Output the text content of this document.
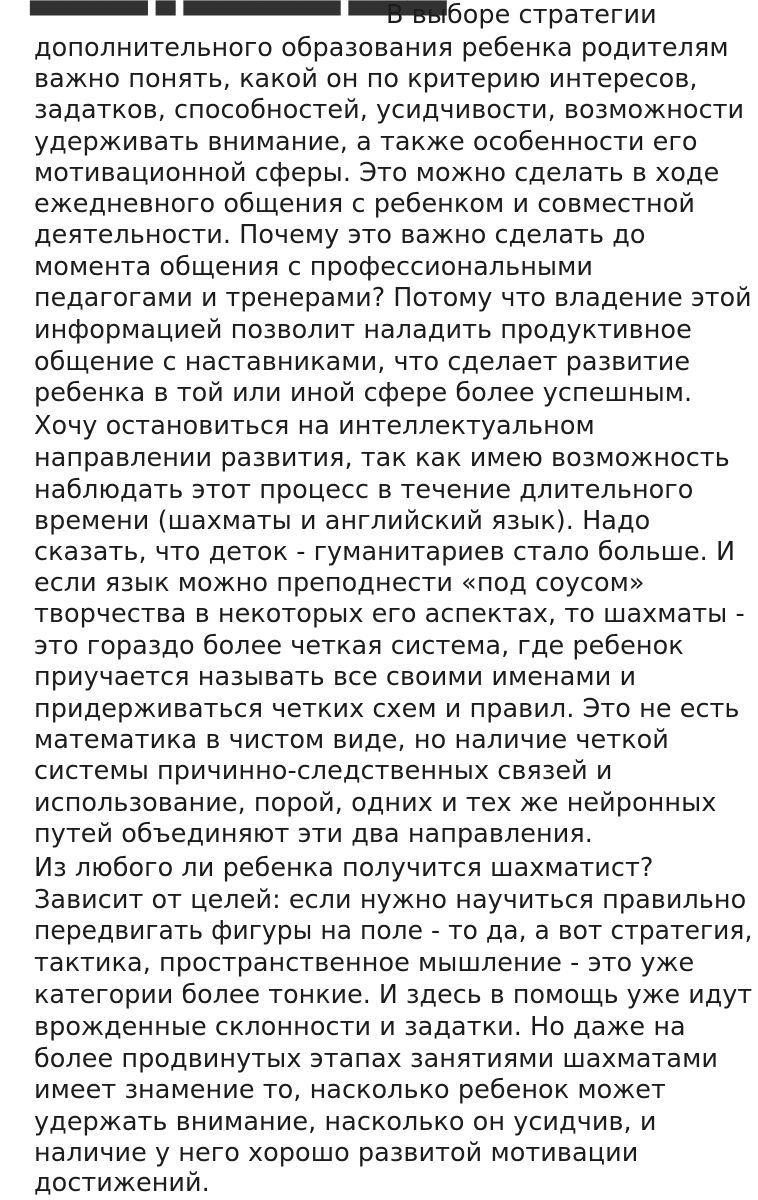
▄▄▄▄▄▄ ▄ ▄▄▄▄▄▄▄▄ ▄▄▄▄▄
В выборе стратегии
дополнительного образования ребенка родителям
важно понять, какой он по критерию интересов,
задатков, способностей, усидчивости, возможности
удерживать внимание, а также особенности его
мотивационной сферы. Это можно сделать в ходе
ежедневного общения с ребенком и совместной
деятельности. Почему это важно сделать до
момента общения с профессиональными
педагогами и тренерами? Потому что владение этой
информацией позволит наладить продуктивное
общение с наставниками, что сделает развитие
ребенка в той или иной сфере более успешным.
Хочу остановиться на интеллектуальном
направлении развития, так как имею возможность
наблюдать этот процесс в течение длительного
времени (шахматы и английский язык). Надо
сказать, что деток - гуманитариев стало больше. И
если язык можно преподнести «под соусом»
творчества в некоторых его аспектах, то шахматы -
это гораздо более четкая система, где ребенок
приучается называть все своими именами и
придерживаться четких схем и правил. Это не есть
математика в чистом виде, но наличие четкой
системы причинно-следственных связей и
использование, порой, одних и тех же нейронных
путей объединяют эти два направления.
Из любого ли ребенка получится шахматист?
Зависит от целей: если нужно научиться правильно
передвигать фигуры на поле - то да, а вот стратегия,
тактика, пространственное мышление - это уже
категории более тонкие. И здесь в помощь уже идут
врожденные склонности и задатки. Но даже на
более продвинутых этапах занятиями шахматами
имеет знамение то, насколько ребенок может
удержать внимание, насколько он усидчив, и
наличие у него хорошо развитой мотивации
достижений.
